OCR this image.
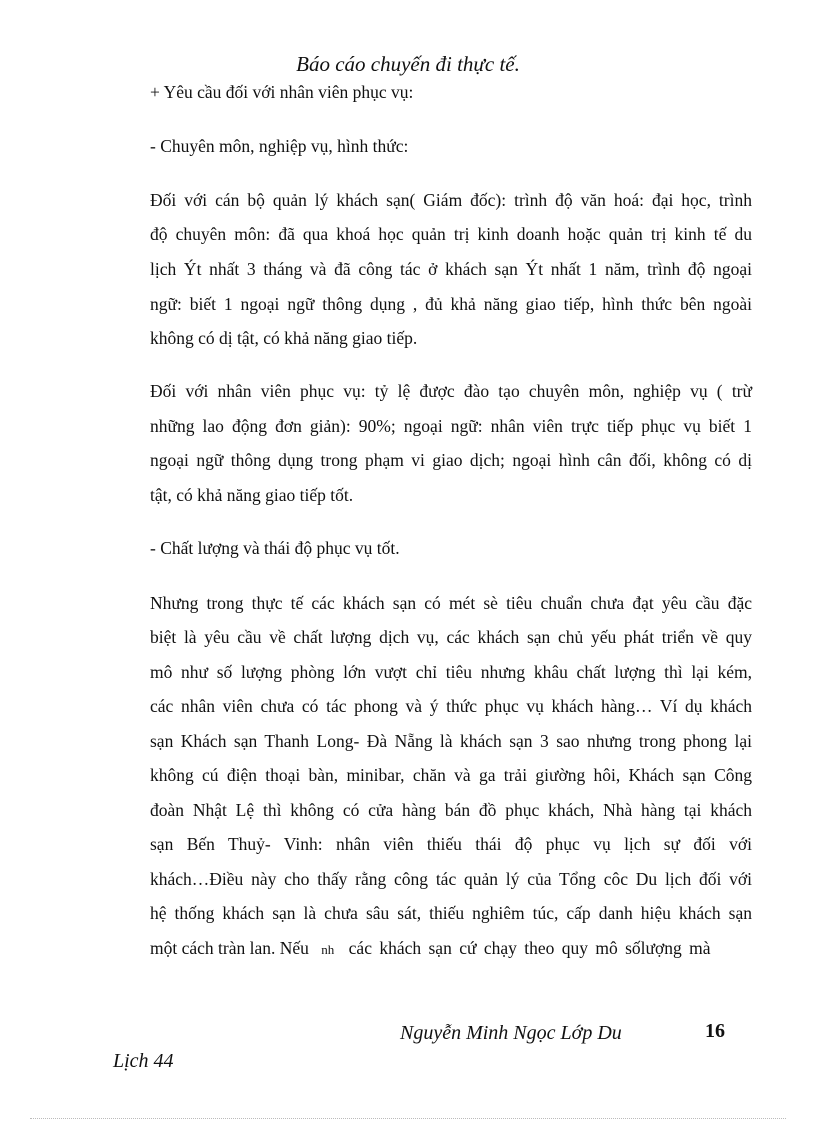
Báo cáo chuyến đi thực tế.
+ Yêu cầu đối với nhân viên phục vụ:
- Chuyên môn, nghiệp vụ, hình thức:
Đối với cán bộ quản lý khách sạn( Giám đốc): trình độ văn hoá: đại học, trình
độ chuyên môn: đã qua khoá học quản trị kinh doanh hoặc quản trị kinh tế du
lịch Ýt nhất 3 tháng và đã công tác ở khách sạn Ýt nhất 1 năm, trình độ ngoại
ngữ: biết 1 ngoại ngữ thông dụng , đủ khả năng giao tiếp, hình thức bên ngoài
không có dị tật, có khả năng giao tiếp.
Đối với nhân viên phục vụ: tỷ lệ được đào tạo chuyên môn, nghiệp vụ ( trừ
những lao động đơn giản): 90%; ngoại ngữ: nhân viên trực tiếp phục vụ biết 1
ngoại ngữ thông dụng trong phạm vi giao dịch; ngoại hình cân đối, không có dị
tật, có khả năng giao tiếp tốt.
- Chất lượng và thái độ phục vụ tốt.
Nhưng trong thực tế các khách sạn có mét sè tiêu chuẩn chưa đạt yêu cầu đặc
biệt là yêu cầu về chất lượng dịch vụ, các khách sạn chủ yếu phát triển về quy
mô như số lượng phòng lớn vượt chỉ tiêu nhưng khâu chất lượng thì lại kém,
các nhân viên chưa có tác phong và ý thức phục vụ khách hàng… Ví dụ khách
sạn Khách sạn Thanh Long- Đà Nẵng là khách sạn 3 sao nhưng trong phong lại
không cú điện thoại bàn, minibar, chăn và ga trải giường hôi, Khách sạn Công
đoàn Nhật Lệ thì không có cửa hàng bán đồ phục khách, Nhà hàng tại khách
sạn Bến Thuỷ- Vinh: nhân viên thiếu thái độ phục vụ lịch sự đối với
khách…Điều này cho thấy rằng công tác quản lý của Tổng côc Du lịch đối với
hệ thống khách sạn là chưa sâu sát, thiếu nghiêm túc, cấp danh hiệu khách sạn
một cách tràn lan. Nếu nh các khách sạn cứ chạy theo quy mô sốlượng mà
Nguyễn Minh Ngọc Lớp Du	16
Lịch 44
